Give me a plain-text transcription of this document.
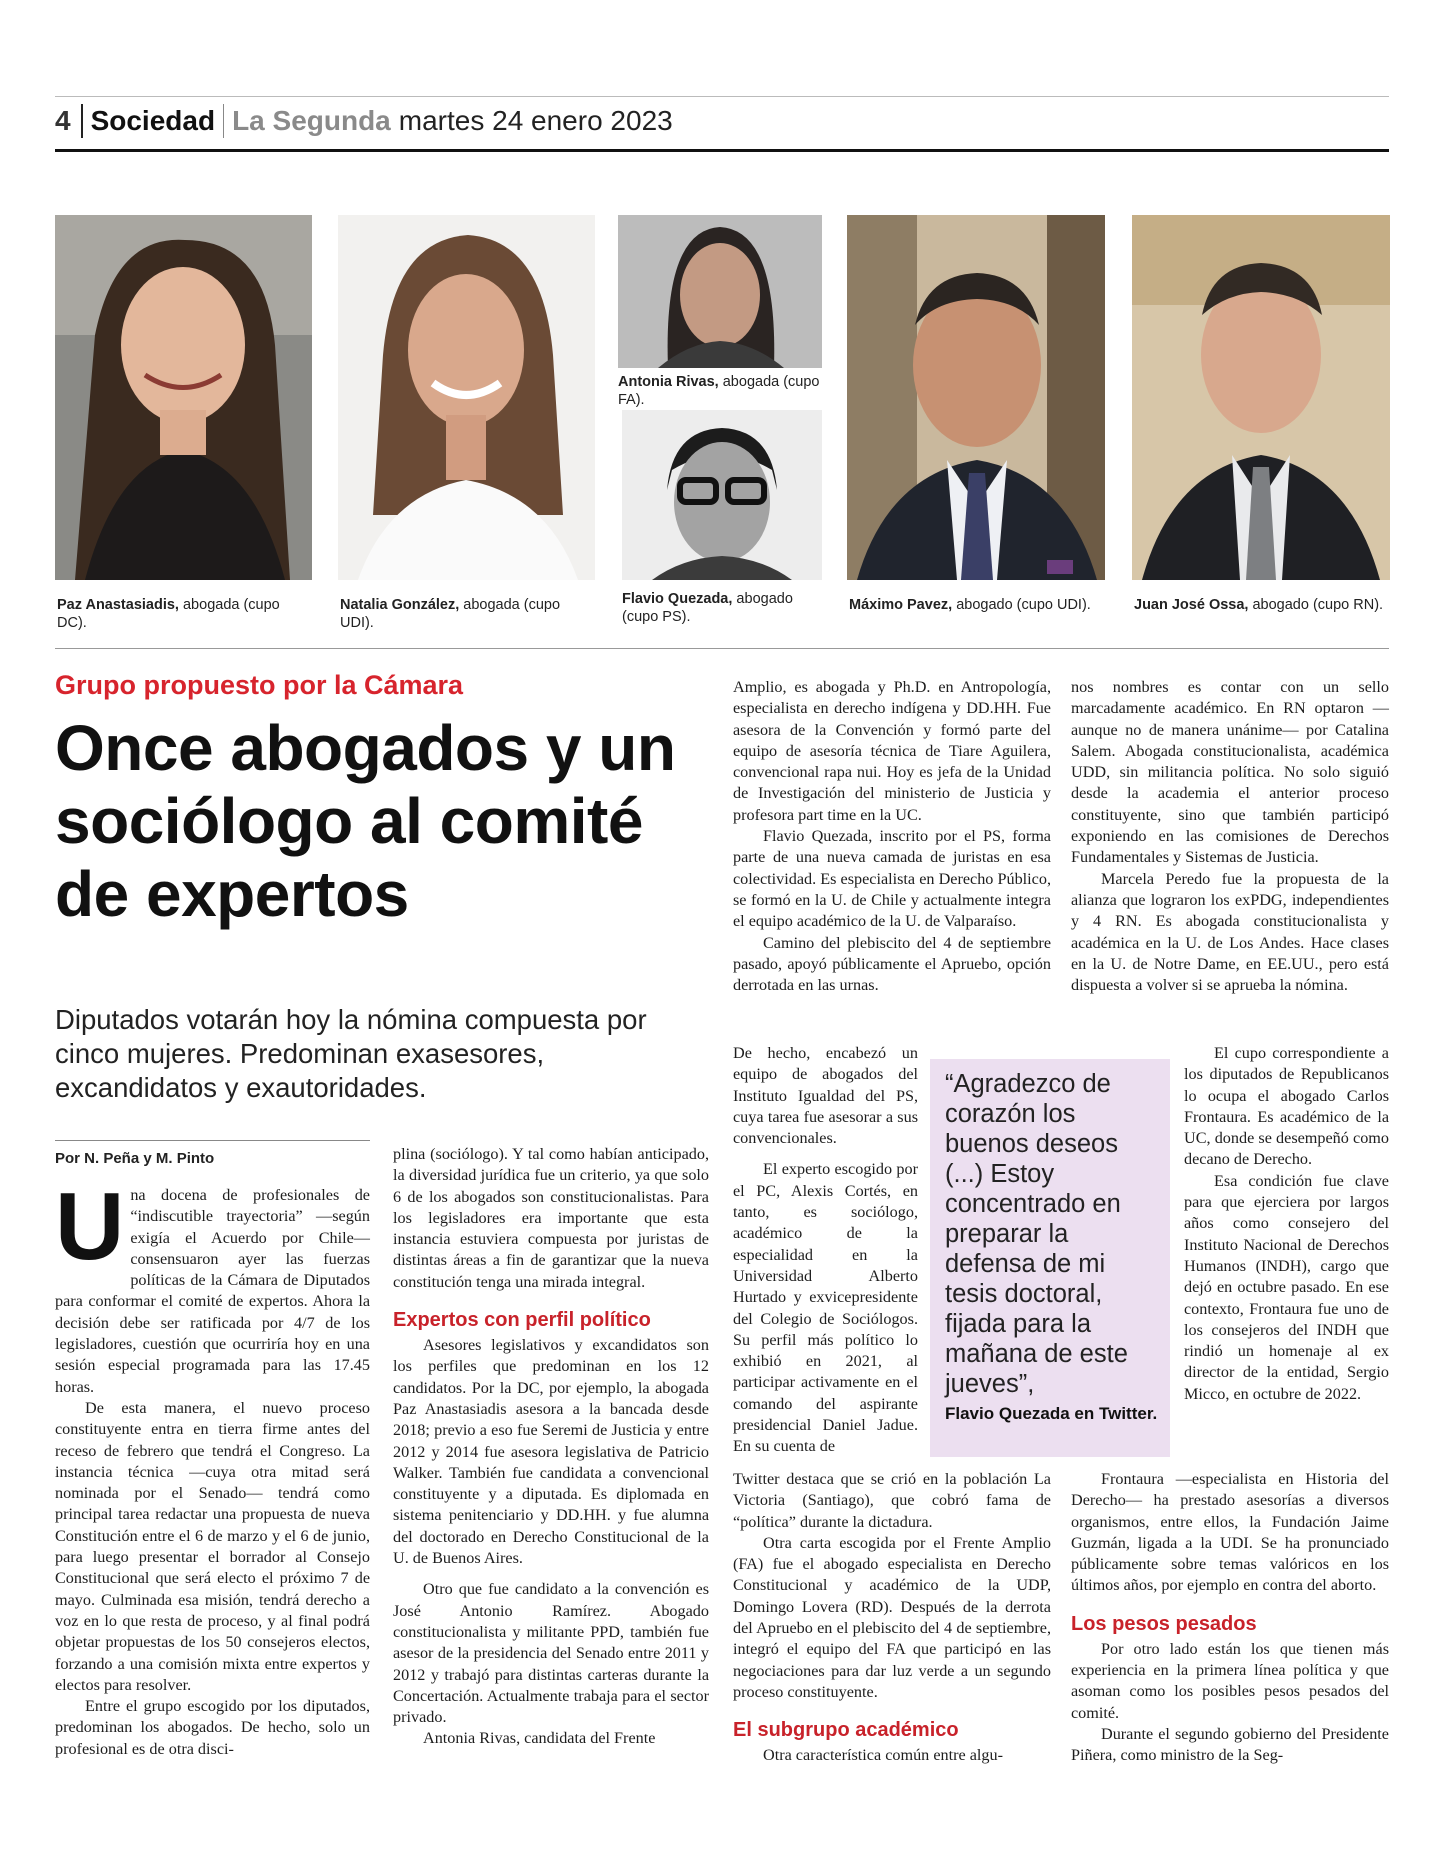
4 Sociedad La Segunda martes 24 enero 2023
Paz Anastasiadis, abogada (cupo DC).
Natalia González, abogada (cupo UDI).
Antonia Rivas, abogada (cupo FA).
Flavio Quezada, abogado (cupo PS).
Máximo Pavez, abogado (cupo UDI).	Juan José Ossa, abogado (cupo RN).
Grupo propuesto por la Cámara
Once abogados y un sociólogo al comité de expertos
Diputados votarán hoy la nómina compuesta por cinco mujeres. Predominan exasesores, excandidatos y exautoridades.
Por N. Peña y M. Pinto

Una docena de profesionales de “indiscutible trayectoria” —según exigía el Acuerdo por Chile— consensuaron ayer las fuerzas políticas de la Cámara de Diputados para conformar el comité de expertos. Ahora la decisión debe ser ratificada por 4/7 de los legisladores, cuestión que ocurriría hoy en una sesión especial programada para las 17.45 horas.

De esta manera, el nuevo proceso constituyente entra en tierra firme antes del receso de febrero que tendrá el Congreso. La instancia técnica —cuya otra mitad será nominada por el Senado— tendrá como principal tarea redactar una propuesta de nueva Constitución entre el 6 de marzo y el 6 de junio, para luego presentar el borrador al Consejo Constitucional que será electo el próximo 7 de mayo. Culminada esa misión, tendrá derecho a voz en lo que resta de proceso, y al final podrá objetar propuestas de los 50 consejeros electos, forzando a una comisión mixta entre expertos y electos para resolver.

Entre el grupo escogido por los diputados, predominan los abogados. De hecho, solo un profesional es de otra disci-

plina (sociólogo). Y tal como habían anticipado, la diversidad jurídica fue un criterio, ya que solo 6 de los abogados son constitucionalistas. Para los legisladores era importante que esta instancia estuviera compuesta por juristas de distintas áreas a fin de garantizar que la nueva constitución tenga una mirada integral.

Expertos con perfil político

Asesores legislativos y excandidatos son los perfiles que predominan en los 12 candidatos. Por la DC, por ejemplo, la abogada Paz Anastasiadis asesora a la bancada desde 2018; previo a eso fue Seremi de Justicia y entre 2012 y 2014 fue asesora legislativa de Patricio Walker. También fue candidata a convencional constituyente y a diputada. Es diplomada en sistema penitenciario y DD.HH. y fue alumna del doctorado en Derecho Constitucional de la U. de Buenos Aires.

Otro que fue candidato a la convención es José Antonio Ramírez. Abogado constitucionalista y militante PPD, también fue asesor de la presidencia del Senado entre 2011 y 2012 y trabajó para distintas carteras durante la Concertación. Actualmente trabaja para el sector privado.

Antonia Rivas, candidata del Frente

Amplio, es abogada y Ph.D. en Antropología, especialista en derecho indígena y DD.HH. Fue asesora de la Convención y formó parte del equipo de asesoría técnica de Tiare Aguilera, convencional rapa nui. Hoy es jefa de la Unidad de Investigación del ministerio de Justicia y profesora part time en la UC.

Flavio Quezada, inscrito por el PS, forma parte de una nueva camada de juristas en esa colectividad. Es especialista en Derecho Público, se formó en la U. de Chile y actualmente integra el equipo académico de la U. de Valparaíso.

Camino del plebiscito del 4 de septiembre pasado, apoyó públicamente el Apruebo, opción derrotada en las urnas.

De hecho, encabezó un equipo de abogados del Instituto Igualdad del PS, cuya tarea fue asesorar a sus convencionales.

El experto escogido por el PC, Alexis Cortés, en tanto, es sociólogo, académico de la especialidad en la Universidad Alberto Hurtado y exvicepresidente del Colegio de Sociólogos. Su perfil más político lo exhibió en 2021, al participar activamente en el comando del aspirante presidencial Daniel Jadue. En su cuenta de

Twitter destaca que se crió en la población La Victoria (Santiago), que cobró fama de “política” durante la dictadura.

Otra carta escogida por el Frente Amplio (FA) fue el abogado especialista en Derecho Constitucional y académico de la UDP, Domingo Lovera (RD). Después de la derrota del Apruebo en el plebiscito del 4 de septiembre, integró el equipo del FA que participó en las negociaciones para dar luz verde a un segundo proceso constituyente.

El subgrupo académico

Otra característica común entre algu-

“Agradezco de corazón los buenos deseos (...) Estoy concentrado en preparar la defensa de mi tesis doctoral, fijada para la mañana de este jueves”,
Flavio Quezada en Twitter.

nos nombres es contar con un sello marcadamente académico. En RN optaron —aunque no de manera unánime— por Catalina Salem. Abogada constitucionalista, académica UDD, sin militancia política. No solo siguió desde la academia el anterior proceso constituyente, sino que también participó exponiendo en las comisiones de Derechos Fundamentales y Sistemas de Justicia.

Marcela Peredo fue la propuesta de la alianza que lograron los exPDG, independientes y 4 RN. Es abogada constitucionalista y académica en la U. de Los Andes. Hace clases en la U. de Notre Dame, en EE.UU., pero está dispuesta a volver si se aprueba la nómina.

El cupo correspondiente a los diputados de Republicanos lo ocupa el abogado Carlos Frontaura. Es académico de la UC, donde se desempeñó como decano de Derecho.

Esa condición fue clave para que ejerciera por largos años como consejero del Instituto Nacional de Derechos Humanos (INDH), cargo que dejó en octubre pasado. En ese contexto, Frontaura fue uno de los consejeros del INDH que rindió un homenaje al ex director de la entidad, Sergio Micco, en octubre de 2022.

Frontaura —especialista en Historia del Derecho— ha prestado asesorías a diversos organismos, entre ellos, la Fundación Jaime Guzmán, ligada a la UDI. Se ha pronunciado públicamente sobre temas valóricos en los últimos años, por ejemplo en contra del aborto.

Los pesos pesados

Por otro lado están los que tienen más experiencia en la primera línea política y que asoman como los posibles pesos pesados del comité.

Durante el segundo gobierno del Presidente Piñera, como ministro de la Seg-
